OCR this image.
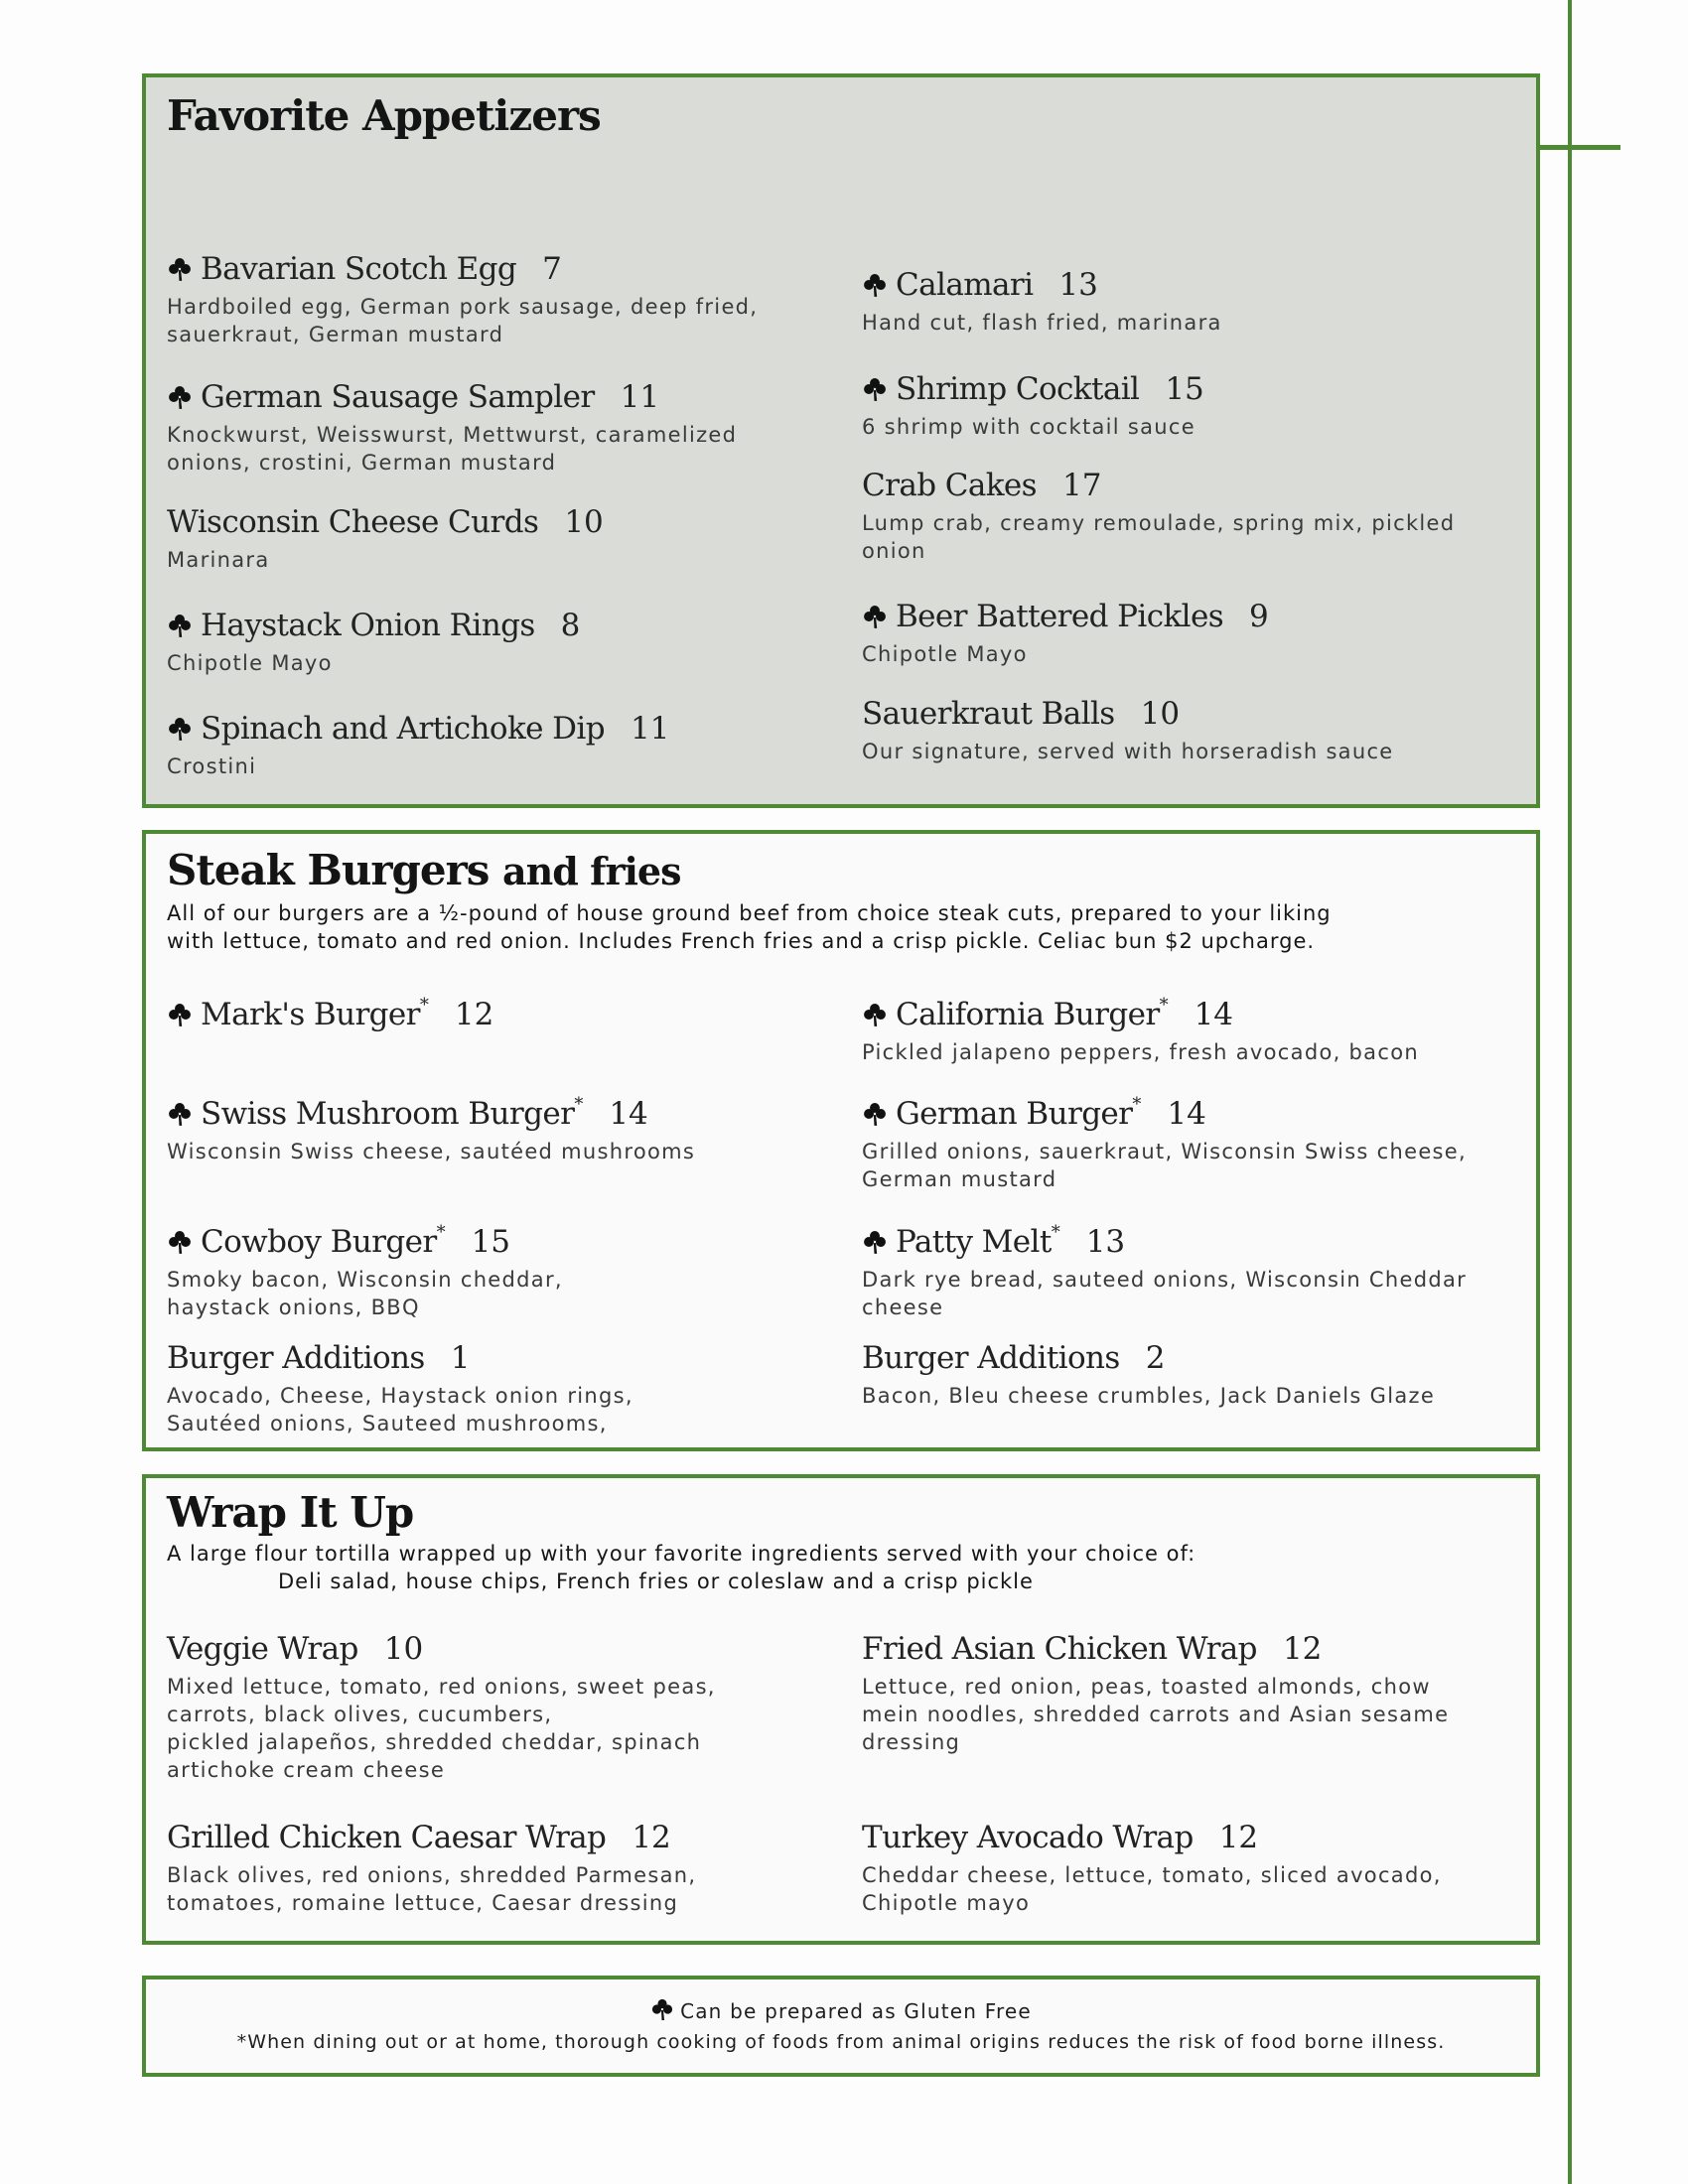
Favorite Appetizers
Bavarian Scotch Egg 7
Hardboiled egg, German pork sausage, deep fried,
sauerkraut, German mustard
German Sausage Sampler 11
Knockwurst, Weisswurst, Mettwurst, caramelized
onions, crostini, German mustard
Wisconsin Cheese Curds 10
Marinara
Haystack Onion Rings 8
Chipotle Mayo
Spinach and Artichoke Dip 11
Crostini
Calamari 13
Hand cut, flash fried, marinara
Shrimp Cocktail 15
6 shrimp with cocktail sauce
Crab Cakes 17
Lump crab, creamy remoulade, spring mix, pickled
onion
Beer Battered Pickles 9
Chipotle Mayo
Sauerkraut Balls 10
Our signature, served with horseradish sauce
Steak Burgers and fries
All of our burgers are a ½-pound of house ground beef from choice steak cuts, prepared to your liking
with lettuce, tomato and red onion. Includes French fries and a crisp pickle. Celiac bun $2 upcharge.
Mark's Burger* 12
Swiss Mushroom Burger* 14
Wisconsin Swiss cheese, sautéed mushrooms
Cowboy Burger* 15
Smoky bacon, Wisconsin cheddar,
haystack onions, BBQ
Burger Additions 1
Avocado, Cheese, Haystack onion rings,
Sautéed onions, Sauteed mushrooms,
California Burger* 14
Pickled jalapeno peppers, fresh avocado, bacon
German Burger* 14
Grilled onions, sauerkraut, Wisconsin Swiss cheese,
German mustard
Patty Melt* 13
Dark rye bread, sauteed onions, Wisconsin Cheddar
cheese
Burger Additions 2
Bacon, Bleu cheese crumbles, Jack Daniels Glaze
Wrap It Up
A large flour tortilla wrapped up with your favorite ingredients served with your choice of:
Deli salad, house chips, French fries or coleslaw and a crisp pickle
Veggie Wrap 10
Mixed lettuce, tomato, red onions, sweet peas,
carrots, black olives, cucumbers,
pickled jalapeños, shredded cheddar, spinach
artichoke cream cheese
Grilled Chicken Caesar Wrap 12
Black olives, red onions, shredded Parmesan,
tomatoes, romaine lettuce, Caesar dressing
Fried Asian Chicken Wrap 12
Lettuce, red onion, peas, toasted almonds, chow
mein noodles, shredded carrots and Asian sesame
dressing
Turkey Avocado Wrap 12
Cheddar cheese, lettuce, tomato, sliced avocado,
Chipotle mayo
Can be prepared as Gluten Free
*When dining out or at home, thorough cooking of foods from animal origins reduces the risk of food borne illness.
